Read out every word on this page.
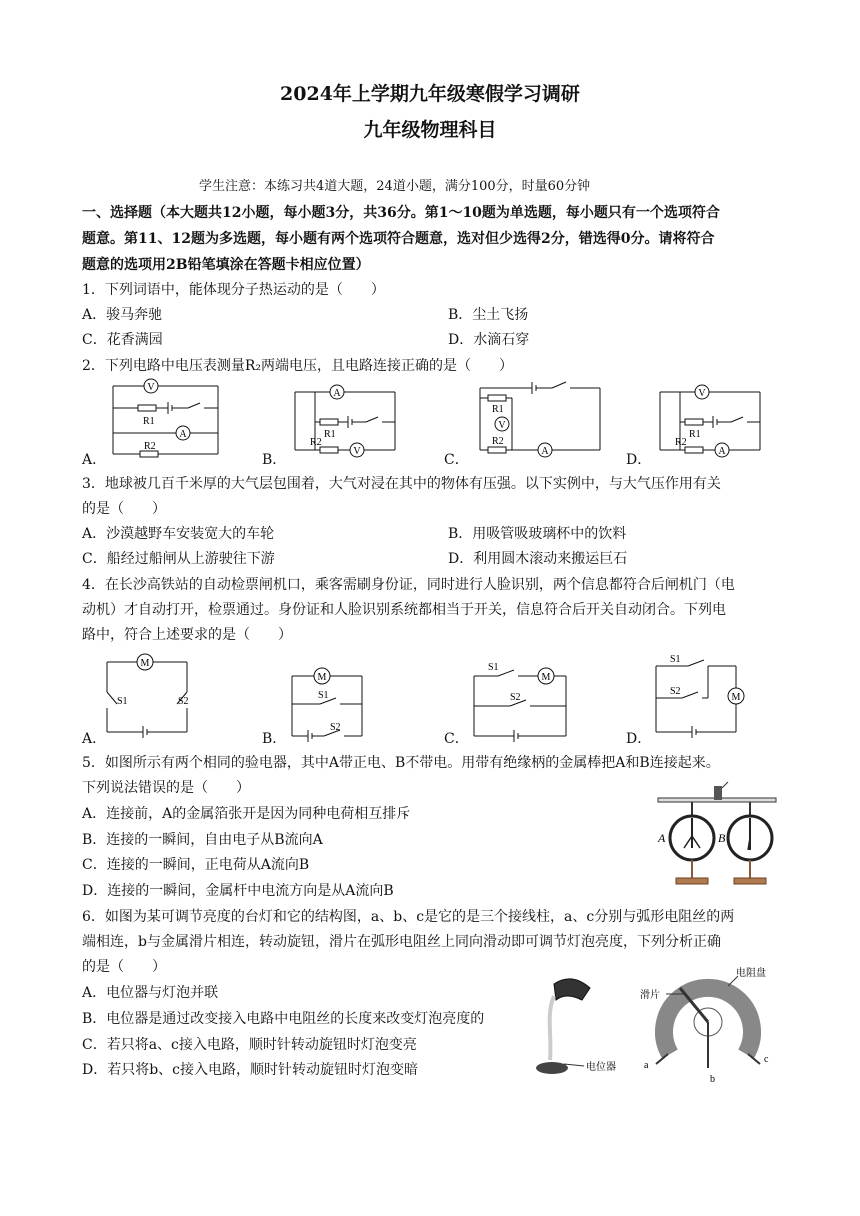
2024年上学期九年级寒假学习调研
九年级物理科目
学生注意：本练习共4道大题，24道小题，满分100分，时量60分钟
一、选择题（本大题共12小题，每小题3分，共36分。第1～10题为单选题，每小题只有一个选项符合
题意。第11、12题为多选题，每小题有两个选项符合题意，选对但少选得2分，错选得0分。请将符合
题意的选项用2B铅笔填涂在答题卡相应位置）
1．下列词语中，能体现分子热运动的是（　　）
A．骏马奔驰	B．尘土飞扬
C．花香满园	D．水滴石穿
2．下列电路中电压表测量R₂两端电压，且电路连接正确的是（　　）
A．	B．	C．	D．
V
A
R1
R2
A
V
R1
R2
V
A
R1
R2
V
A
R1
R2
3．地球被几百千米厚的大气层包围着，大气对浸在其中的物体有压强。以下实例中，与大气压作用有关
的是（　　）
A．沙漠越野车安装宽大的车轮	B．用吸管吸玻璃杯中的饮料
C．船经过船闸从上游驶往下游	D．利用圆木滚动来搬运巨石
4．在长沙高铁站的自动检票闸机口，乘客需刷身份证，同时进行人脸识别，两个信息都符合后闸机门（电
动机）才自动打开，检票通过。身份证和人脸识别系统都相当于开关，信息符合后开关自动闭合。下列电
路中，符合上述要求的是（　　）
A．	B．	C．	D．
M
S1	S2
M
S1
S2
M
S1
S2	M
S1
S2
5．如图所示有两个相同的验电器，其中A带正电、B不带电。用带有绝缘柄的金属棒把A和B连接起来。
下列说法错误的是（　　）
A．连接前，A的金属箔张开是因为同种电荷相互排斥
B．连接的一瞬间，自由电子从B流向A
C．连接的一瞬间，正电荷从A流向B
D．连接的一瞬间，金属杆中电流方向是从A流向B
A	B
6．如图为某可调节亮度的台灯和它的结构图，a、b、c是它的是三个接线柱，a、c分别与弧形电阻丝的两
端相连，b与金属滑片相连，转动旋钮，滑片在弧形电阻丝上同向滑动即可调节灯泡亮度，下列分析正确
的是（　　）
A．电位器与灯泡并联
B．电位器是通过改变接入电路中电阻丝的长度来改变灯泡亮度的
C．若只将a、c接入电路，顺时针转动旋钮时灯泡变亮
D．若只将b、c接入电路，顺时针转动旋钮时灯泡变暗	电位器
电阻盘
滑片
a
b
c
